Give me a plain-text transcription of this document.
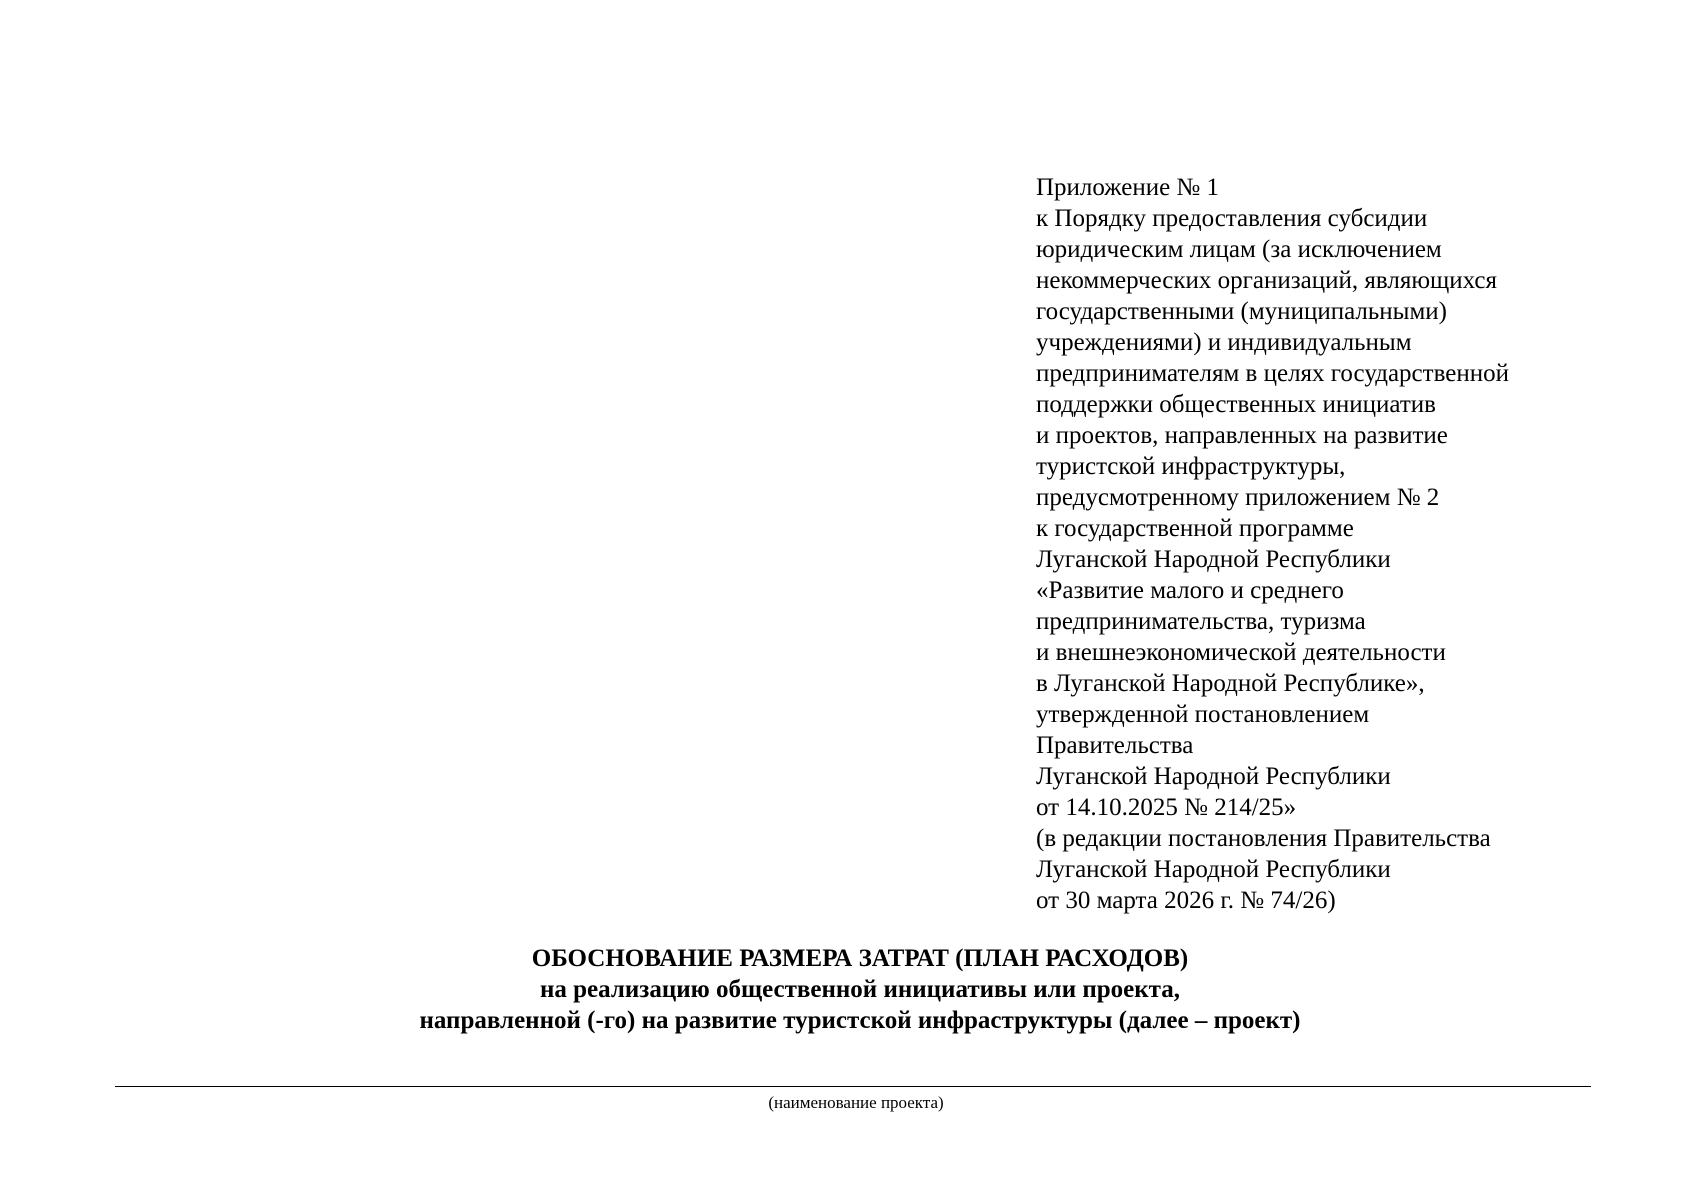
Приложение № 1
к Порядку предоставления субсидии
юридическим лицам (за исключением
некоммерческих организаций, являющихся
государственными (муниципальными)
учреждениями) и индивидуальным
предпринимателям в целях государственной
поддержки общественных инициатив
и проектов, направленных на развитие
туристской инфраструктуры,
предусмотренному приложением № 2
к государственной программе
Луганской Народной Республики
«Развитие малого и среднего
предпринимательства, туризма
и внешнеэкономической деятельности
в Луганской Народной Республике»,
утвержденной постановлением
Правительства
Луганской Народной Республики
от 14.10.2025 № 214/25»
(в редакции постановления Правительства
Луганской Народной Республики
от 30 марта 2026 г. № 74/26)
ОБОСНОВАНИЕ РАЗМЕРА ЗАТРАТ (ПЛАН РАСХОДОВ)
на реализацию общественной инициативы или проекта,
направленной (-го) на развитие туристской инфраструктуры (далее – проект)
(наименование проекта)
